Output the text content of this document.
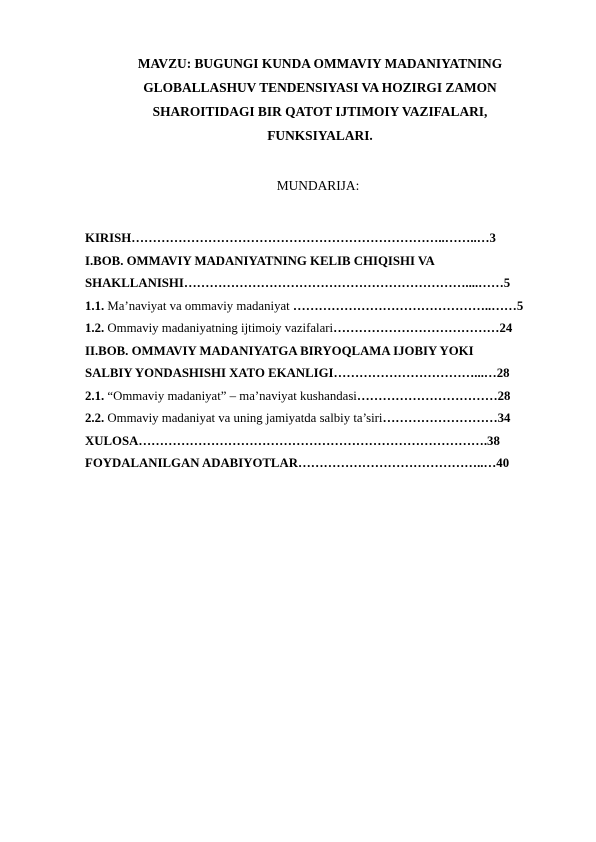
MAVZU: BUGUNGI KUNDA OMMAVIY MADANIYATNING
GLOBALLASHUV TENDENSIYASI VA HOZIRGI ZAMON
SHAROITIDAGI BIR QATOT IJTIMOIY VAZIFALARI,
FUNKSIYALARI.
MUNDARIJA:
KIRISH………………………………………………………………..……..…3
I.BOB. OMMAVIY MADANIYATNING KELIB CHIQISHI VA
SHAKLLANISHI…………………………………………………………....……5
1.1. Ma’naviyat va ommaviy madaniyat ………………………………………..……5
1.2. Ommaviy madaniyatning ijtimoiy vazifalari…………………………………24
II.BOB. OMMAVIY MADANIYATGA BIRYOQLAMA IJOBIY YOKI
SALBIY YONDASHISHI XATO EKANLIGI……………………………...…28
2.1. “Ommaviy madaniyat” – ma’naviyat kushandasi……………………………28
2.2. Ommaviy madaniyat va uning jamiyatda salbiy ta’siri………………………34
XULOSA……………………………………………………………………….38
FOYDALANILGAN ADABIYOTLAR……………………………………..…40
